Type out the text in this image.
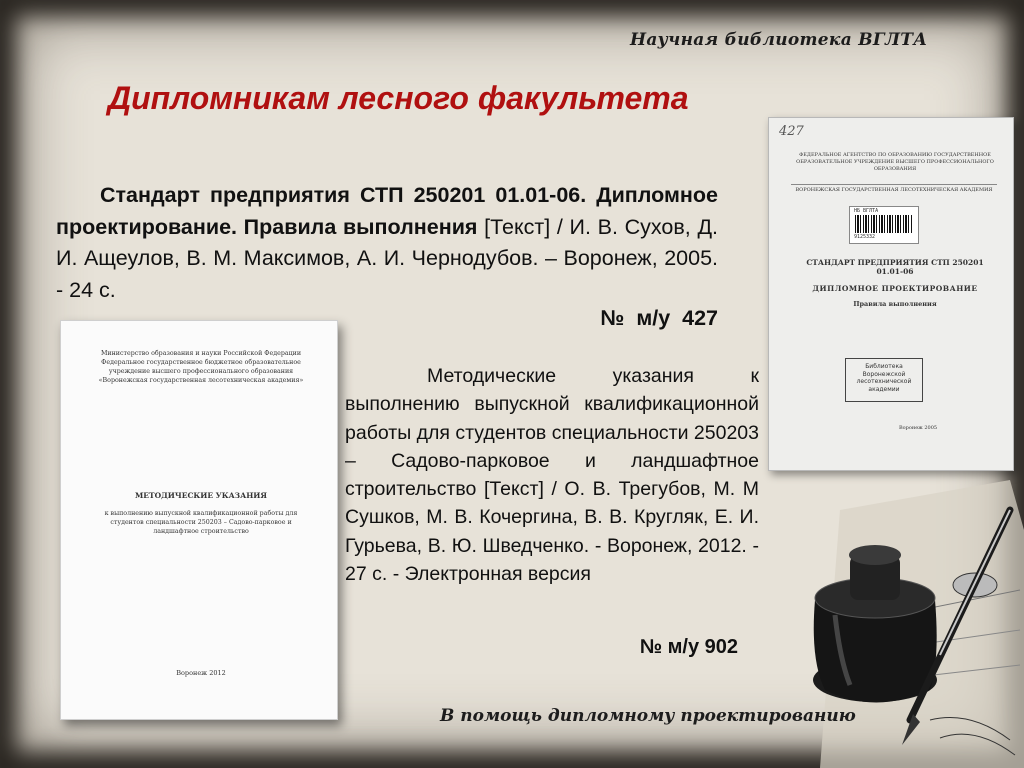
Научная библиотека ВГЛТА
Дипломникам лесного факультета
Стандарт предприятия СТП 250201 01.01-06. Дипломное проектирование. Правила выполнения [Текст] / И. В. Сухов, Д. И. Ащеулов, В. М. Максимов, А. И. Чернодубов. – Воронеж, 2005. - 24 с.
Министерство образования и науки Российской Федерации Федеральное государственное бюджетное образовательное учреждение высшего профессионального образования «Воронежская государственная лесотехническая академия»
МЕТОДИЧЕСКИЕ УКАЗАНИЯ
к выполнению выпускной квалификационной работы для студентов специальности 250203 – Садово-парковое и ландшафтное строительство
Воронеж 2012
№ м/у 427
Методические указания к выполнению выпускной квалификационной работы для студентов специальности 250203 – Садово-парковое и ландшафтное строительство [Текст] / О. В. Трегубов, М. М Сушков, М. В. Кочергина, В. В. Кругляк, Е. И. Гурьева, В. Ю. Шведченко. - Воронеж, 2012. - 27 с. - Электронная версия
№ м/у 902
427
ФЕДЕРАЛЬНОЕ АГЕНТСТВО ПО ОБРАЗОВАНИЮ ГОСУДАРСТВЕННОЕ ОБРАЗОВАТЕЛЬНОЕ УЧРЕЖДЕНИЕ ВЫСШЕГО ПРОФЕССИОНАЛЬНОГО ОБРАЗОВАНИЯ
ВОРОНЕЖСКАЯ ГОСУДАРСТВЕННАЯ ЛЕСОТЕХНИЧЕСКАЯ АКАДЕМИЯ
НБ ВГЛТА
9125332
СТАНДАРТ ПРЕДПРИЯТИЯ СТП 250201 01.01-06
ДИПЛОМНОЕ ПРОЕКТИРОВАНИЕ
Правила выполнения
Библиотека Воронежской лесотехнической академии
Воронеж 2005
В помощь дипломному проектированию
